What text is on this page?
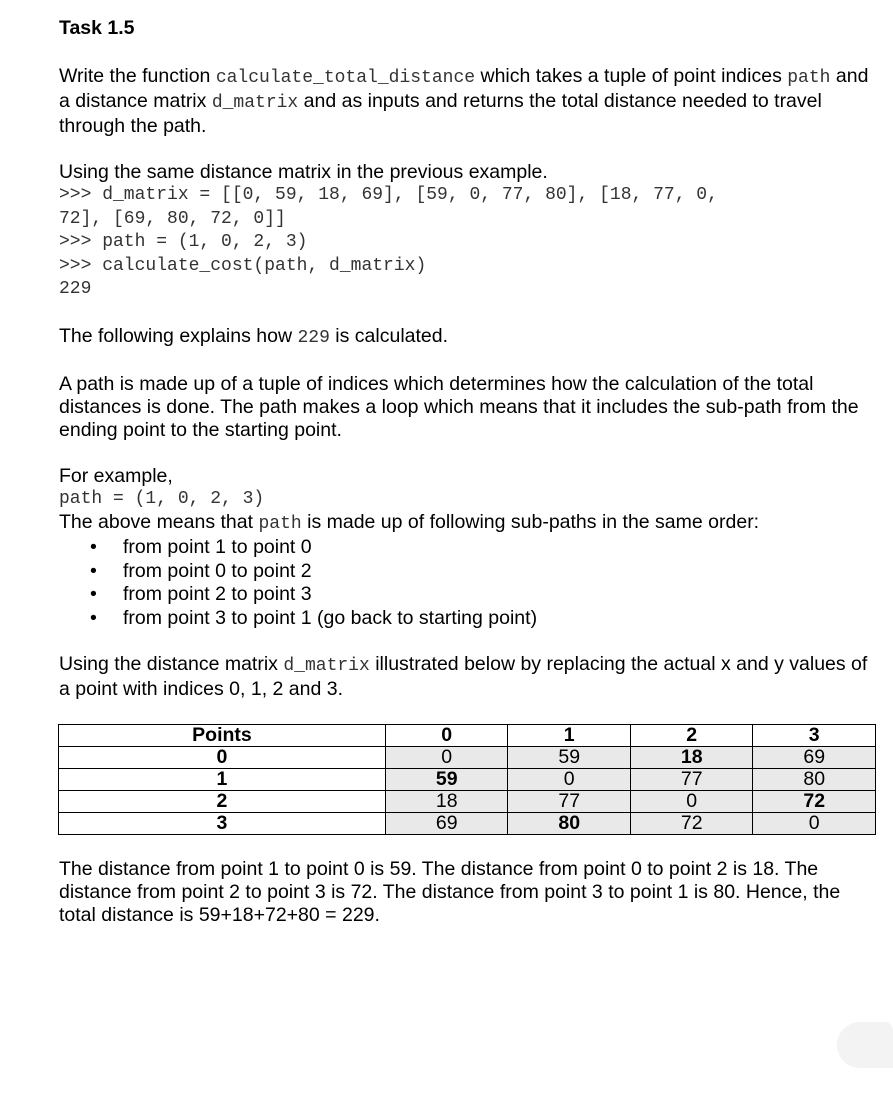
Task 1.5

Write the function calculate_total_distance which takes a tuple of point indices path and a distance matrix d_matrix and as inputs and returns the total distance needed to travel through the path.

Using the same distance matrix in the previous example.

>>> d_matrix = [[0, 59, 18, 69], [59, 0, 77, 80], [18, 77, 0,
72], [69, 80, 72, 0]]
>>> path = (1, 0, 2, 3)
>>> calculate_cost(path, d_matrix)
229

The following explains how 229 is calculated.

A path is made up of a tuple of indices which determines how the calculation of the total distances is done. The path makes a loop which means that it includes the sub-path from the ending point to the starting point.

For example,

path = (1, 0, 2, 3)

The above means that path is made up of following sub-paths in the same order:

• from point 1 to point 0
• from point 0 to point 2
• from point 2 to point 3
• from point 3 to point 1 (go back to starting point)

Using the distance matrix d_matrix illustrated below by replacing the actual x and y values of a point with indices 0, 1, 2 and 3.

Points	0	1	2	3
0	0	59	18	69
1	59	0	77	80
2	18	77	0	72
3	69	80	72	0

The distance from point 1 to point 0 is 59. The distance from point 0 to point 2 is 18. The distance from point 2 to point 3 is 72. The distance from point 3 to point 1 is 80. Hence, the total distance is 59+18+72+80 = 229.
